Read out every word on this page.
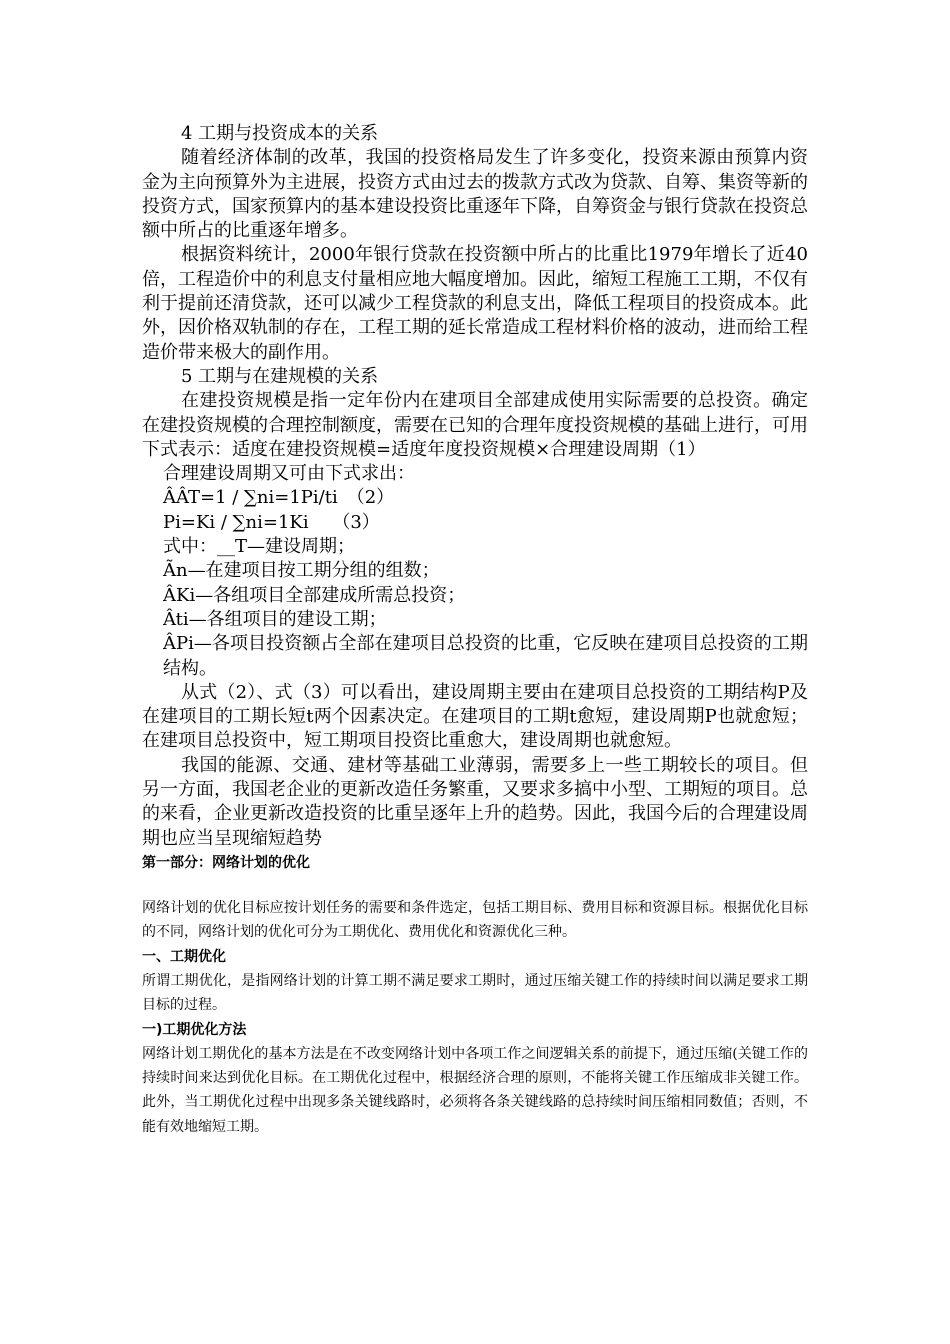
4 工期与投资成本的关系

随着经济体制的改革，我国的投资格局发生了许多变化，投资来源由预算内资金为主向预算外为主进展，投资方式由过去的拨款方式改为贷款、自筹、集资等新的投资方式，国家预算内的基本建设投资比重逐年下降，自筹资金与银行贷款在投资总额中所占的比重逐年增多。

根据资料统计，2000年银行贷款在投资额中所占的比重比1979年增长了近40倍，工程造价中的利息支付量相应地大幅度增加。因此，缩短工程施工工期，不仅有利于提前还清贷款，还可以减少工程贷款的利息支出，降低工程项目的投资成本。此外，因价格双轨制的存在，工程工期的延长常造成工程材料价格的波动，进而给工程造价带来极大的副作用。

5 工期与在建规模的关系

在建投资规模是指一定年份内在建项目全部建成使用实际需要的总投资。确定在建投资规模的合理控制额度，需要在已知的合理年度投资规模的基础上进行，可用下式表示：适度在建投资规模=适度年度投资规模×合理建设周期（1）

合理建设周期又可由下式求出：

ÂÂT=1 / ∑ni=1Pi/ti　（2）

Pi=Ki / ∑ni=1Ki　 （3）

式中：__T—建设周期；

Ãn—在建项目按工期分组的组数；

ÂKi—各组项目全部建成所需总投资；

Âti—各组项目的建设工期；

ÂPi—各项目投资额占全部在建项目总投资的比重，它反映在建项目总投资的工期结构。

从式（2）、式（3）可以看出，建设周期主要由在建项目总投资的工期结构P及在建项目的工期长短t两个因素决定。在建项目的工期t愈短，建设周期P也就愈短；在建项目总投资中，短工期项目投资比重愈大，建设周期也就愈短。

我国的能源、交通、建材等基础工业薄弱，需要多上一些工期较长的项目。但另一方面，我国老企业的更新改造任务繁重，又要求多搞中小型、工期短的项目。总的来看，企业更新改造投资的比重呈逐年上升的趋势。因此，我国今后的合理建设周期也应当呈现缩短趋势

第一部分：网络计划的优化

网络计划的优化目标应按计划任务的需要和条件选定，包括工期目标、费用目标和资源目标。根据优化目标的不同，网络计划的优化可分为工期优化、费用优化和资源优化三种。

一、工期优化

所谓工期优化，是指网络计划的计算工期不满足要求工期时，通过压缩关键工作的持续时间以满足要求工期目标的过程。

一)工期优化方法

网络计划工期优化的基本方法是在不改变网络计划中各项工作之间逻辑关系的前提下，通过压缩(关键工作的持续时间来达到优化目标。在工期优化过程中，根据经济合理的原则，不能将关键工作压缩成非关键工作。此外，当工期优化过程中出现多条关键线路时，必须将各条关键线路的总持续时间压缩相同数值；否则，不能有效地缩短工期。
